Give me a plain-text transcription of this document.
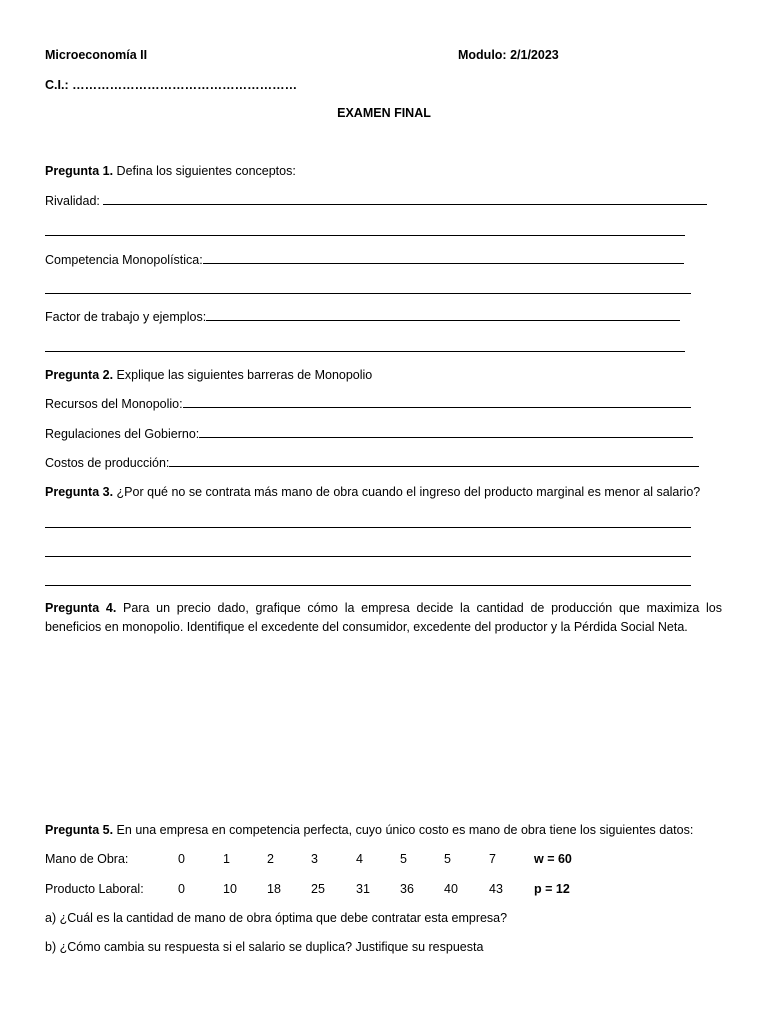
Microeconomía II	Modulo: 2/1/2023
C.I.: ………………………………………………
EXAMEN FINAL
Pregunta 1. Defina los siguientes conceptos:
Rivalidad:
Competencia Monopolística:
Factor de trabajo y ejemplos:
Pregunta 2. Explique las siguientes barreras de Monopolio
Recursos del Monopolio:
Regulaciones del Gobierno:
Costos de producción:
Pregunta 3. ¿Por qué no se contrata más mano de obra cuando el ingreso del producto marginal es menor al salario?
Pregunta 4. Para un precio dado, grafique cómo la empresa decide la cantidad de producción que maximiza los beneficios en monopolio. Identifique el excedente del consumidor, excedente del productor y la Pérdida Social Neta.
Pregunta 5. En una empresa en competencia perfecta, cuyo único costo es mano de obra tiene los siguientes datos:
Mano de Obra:	0	1	2	3	4	5	5	7	w = 60
Producto Laboral:	0	10 18 25 31 36 40 43 p = 12
a) ¿Cuál es la cantidad de mano de obra óptima que debe contratar esta empresa?
b) ¿Cómo cambia su respuesta si el salario se duplica? Justifique su respuesta
